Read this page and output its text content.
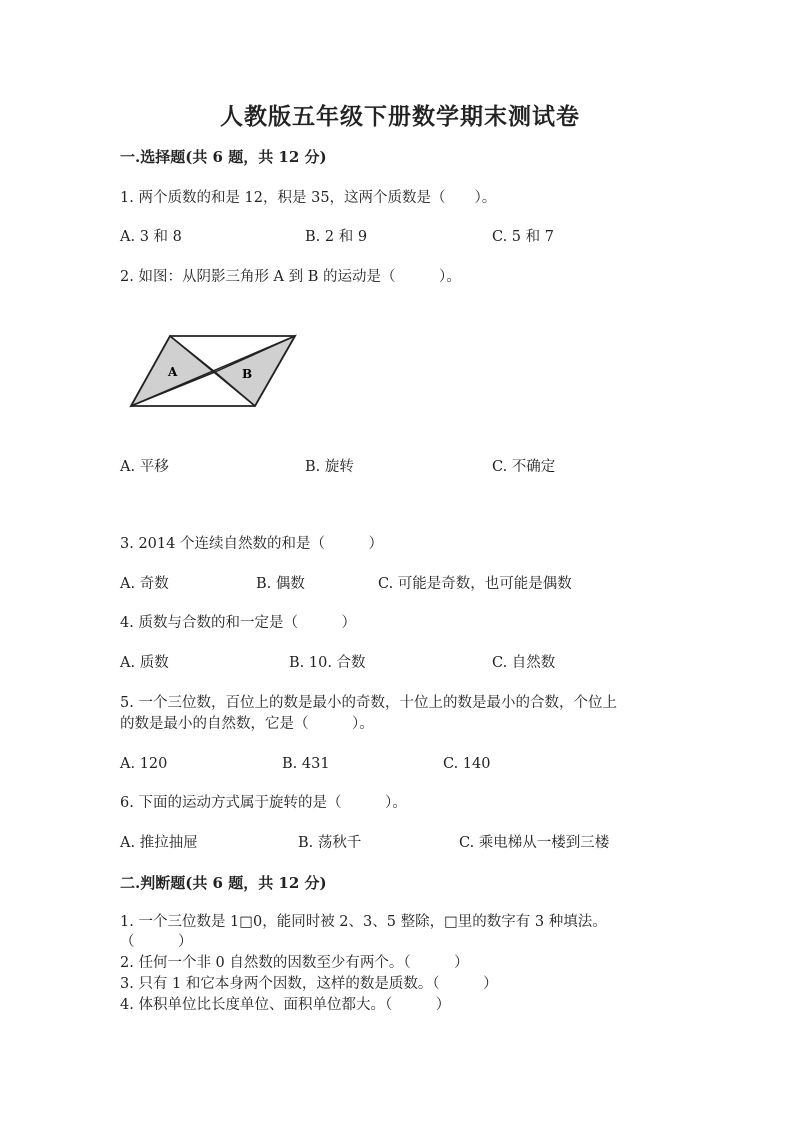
人教版五年级下册数学期末测试卷
一.选择题(共 6 题，共 12 分)
1. 两个质数的和是 12，积是 35，这两个质数是（　　）。
A. 3 和 8	B. 2 和 9	C. 5 和 7
2. 如图：从阴影三角形 A 到 B 的运动是（　　　）。
A	B
A. 平移	B. 旋转	C. 不确定
3. 2014 个连续自然数的和是（　　　）
A. 奇数	B. 偶数	C. 可能是奇数，也可能是偶数
4. 质数与合数的和一定是（　　　）
A. 质数	B. 10. 合数	C. 自然数
5. 一个三位数，百位上的数是最小的奇数，十位上的数是最小的合数，个位上
的数是最小的自然数，它是（　　　）。
A. 120	B. 431	C. 140
6. 下面的运动方式属于旋转的是（　　　）。
A. 推拉抽屉	B. 荡秋千	C. 乘电梯从一楼到三楼
二.判断题(共 6 题，共 12 分)
1. 一个三位数是 1□0，能同时被 2、3、5 整除，□里的数字有 3 种填法。
（　　　）
2. 任何一个非 0 自然数的因数至少有两个。（　　　）
3. 只有 1 和它本身两个因数，这样的数是质数。（　　　）
4. 体积单位比长度单位、面积单位都大。（　　　）
